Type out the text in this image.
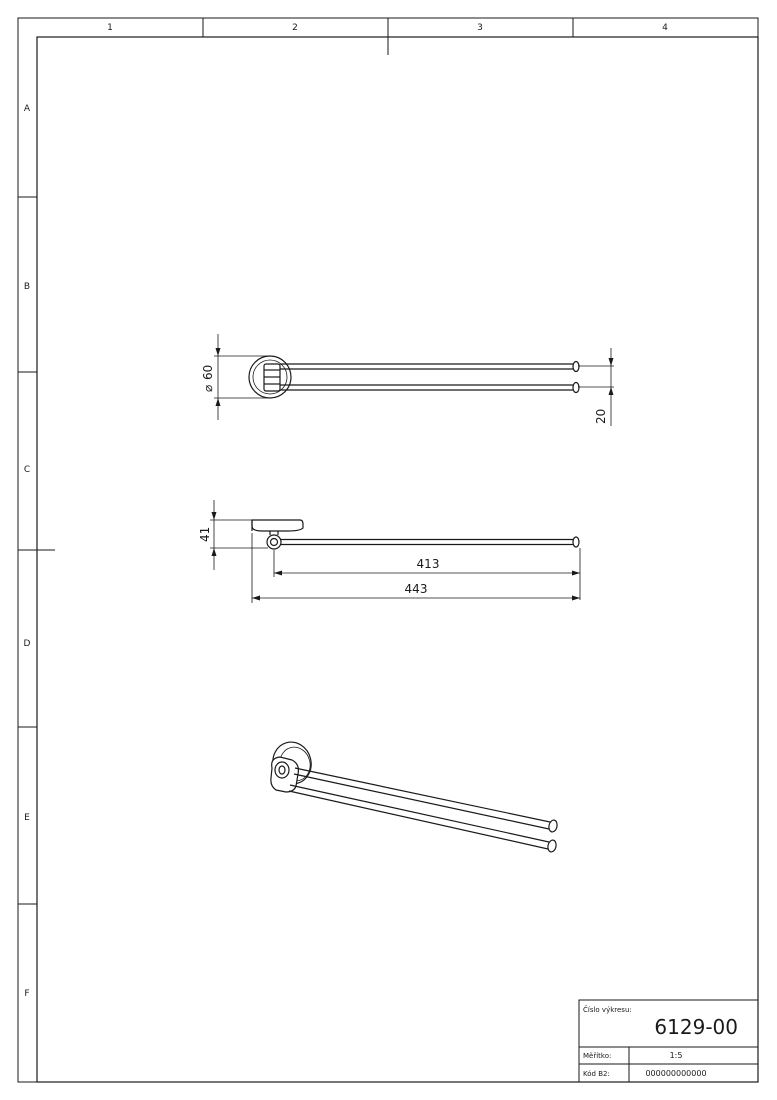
1	2	3	4
A
B
C
D
E
F
⌀
60
20
41
413
443
Číslo výkresu:
6129-00
Měřítko:	1:5
Kód B2:	000000000000
